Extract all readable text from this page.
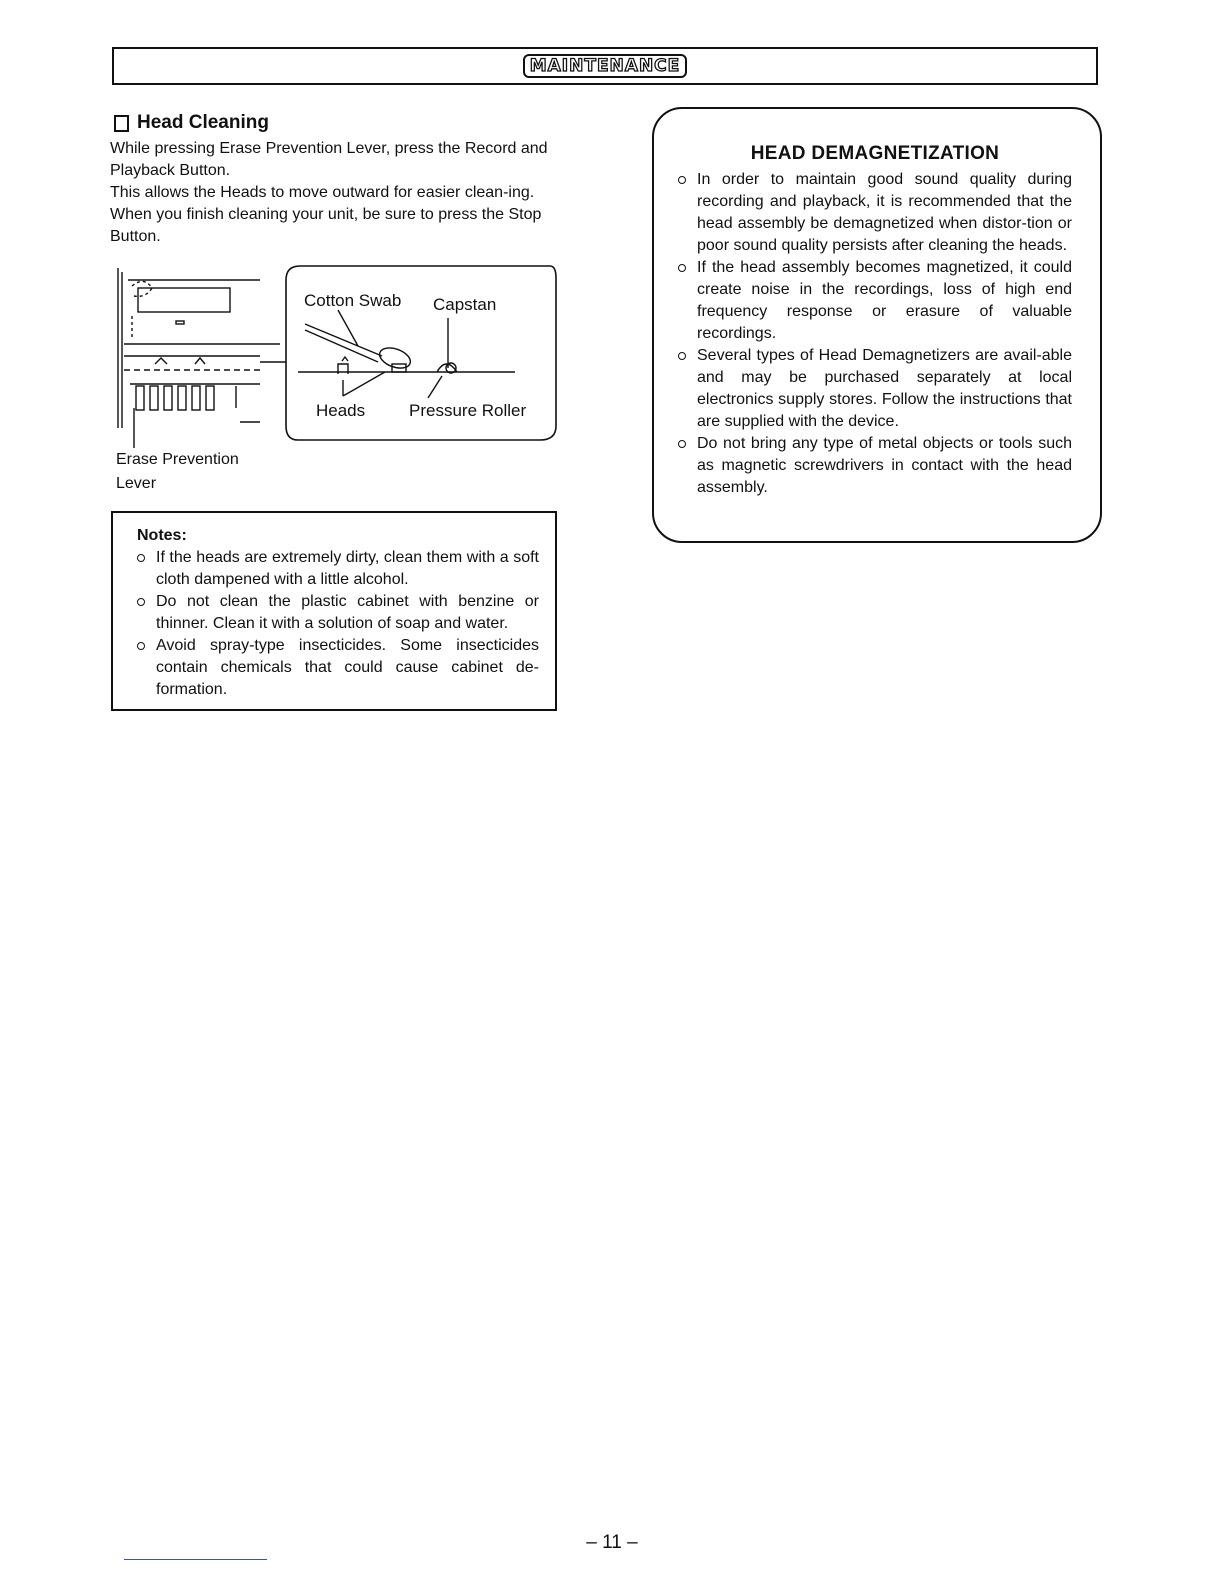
MAINTENANCE
Head Cleaning

While pressing Erase Prevention Lever, press the Record and Playback Button.

This allows the Heads to move outward for easier clean-ing. When you finish cleaning your unit, be sure to press the Stop Button.

Cotton Swab Capstan
Heads	Pressure Roller
Erase Prevention
Lever
Notes:
If the heads are extremely dirty, clean them with a soft cloth dampened with a little alcohol.
Do not clean the plastic cabinet with benzine or thinner. Clean it with a solution of soap and water.
Avoid spray-type insecticides. Some insecticides contain chemicals that could cause cabinet de-formation.
HEAD DEMAGNETIZATION
In order to maintain good sound quality during recording and playback, it is recommended that the head assembly be demagnetized when distor-tion or poor sound quality persists after cleaning the heads.
If the head assembly becomes magnetized, it could create noise in the recordings, loss of high end frequency response or erasure of valuable recordings.
Several types of Head Demagnetizers are avail-able and may be purchased separately at local electronics supply stores. Follow the instructions that are supplied with the device.
Do not bring any type of metal objects or tools such as magnetic screwdrivers in contact with the head assembly.
– 11 –
